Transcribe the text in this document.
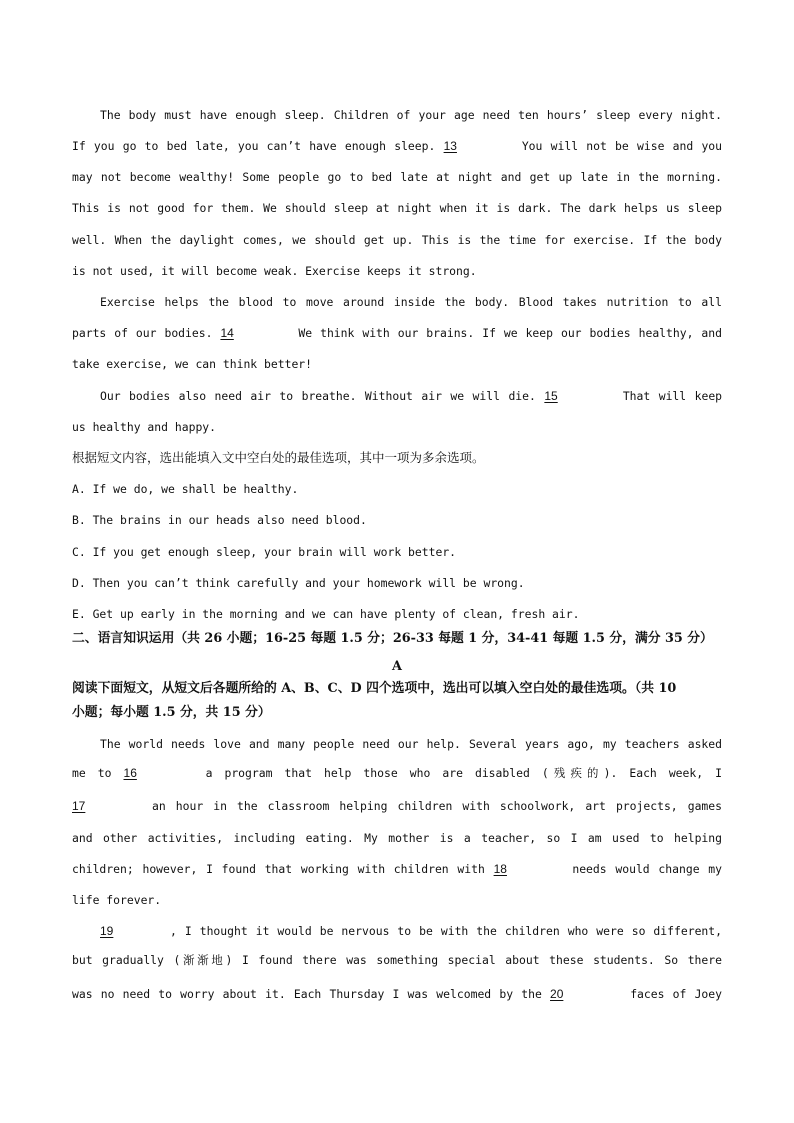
The body must have enough sleep. Children of your age need ten hours’ sleep every night.
If you go to bed late, you can’t have enough sleep. 13	You will not be wise and you
may not become wealthy! Some people go to bed late at night and get up late in the morning.
This is not good for them. We should sleep at night when it is dark. The dark helps us sleep
well. When the daylight comes, we should get up. This is the time for exercise. If the body
is not used, it will become weak. Exercise keeps it strong.
Exercise helps the blood to move around inside the body. Blood takes nutrition to all
parts of our bodies. 14	We think with our brains. If we keep our bodies healthy, and
take exercise, we can think better!
Our bodies also need air to breathe. Without air we will die. 15	That will keep
us healthy and happy.
根据短文内容，选出能填入文中空白处的最佳选项，其中一项为多余选项。
A. If we do, we shall be healthy.
B. The brains in our heads also need blood.
C. If you get enough sleep, your brain will work better.
D. Then you can’t think carefully and your homework will be wrong.
E. Get up early in the morning and we can have plenty of clean, fresh air.
二、语言知识运用（共 26 小题；16-25 每题 1.5 分；26-33 每题 1 分，34-41 每题 1.5 分，满分 35 分）
A
阅读下面短文，从短文后各题所给的 A、B、C、D 四个选项中，选出可以填入空白处的最佳选项。（共 10
小题；每小题 1.5 分，共 15 分）
The world needs love and many people need our help. Several years ago, my teachers asked
me to 16	a program that help those who are disabled (残疾的). Each week, I
17	an hour in the classroom helping children with schoolwork, art projects, games
and other activities, including eating. My mother is a teacher, so I am used to helping
children; however, I found that working with children with 18	needs would change my
life forever.
19	, I thought it would be nervous to be with the children who were so different,
but gradually (渐渐地) I found there was something special about these students. So there
was no need to worry about it. Each Thursday I was welcomed by the 20	faces of Joey
